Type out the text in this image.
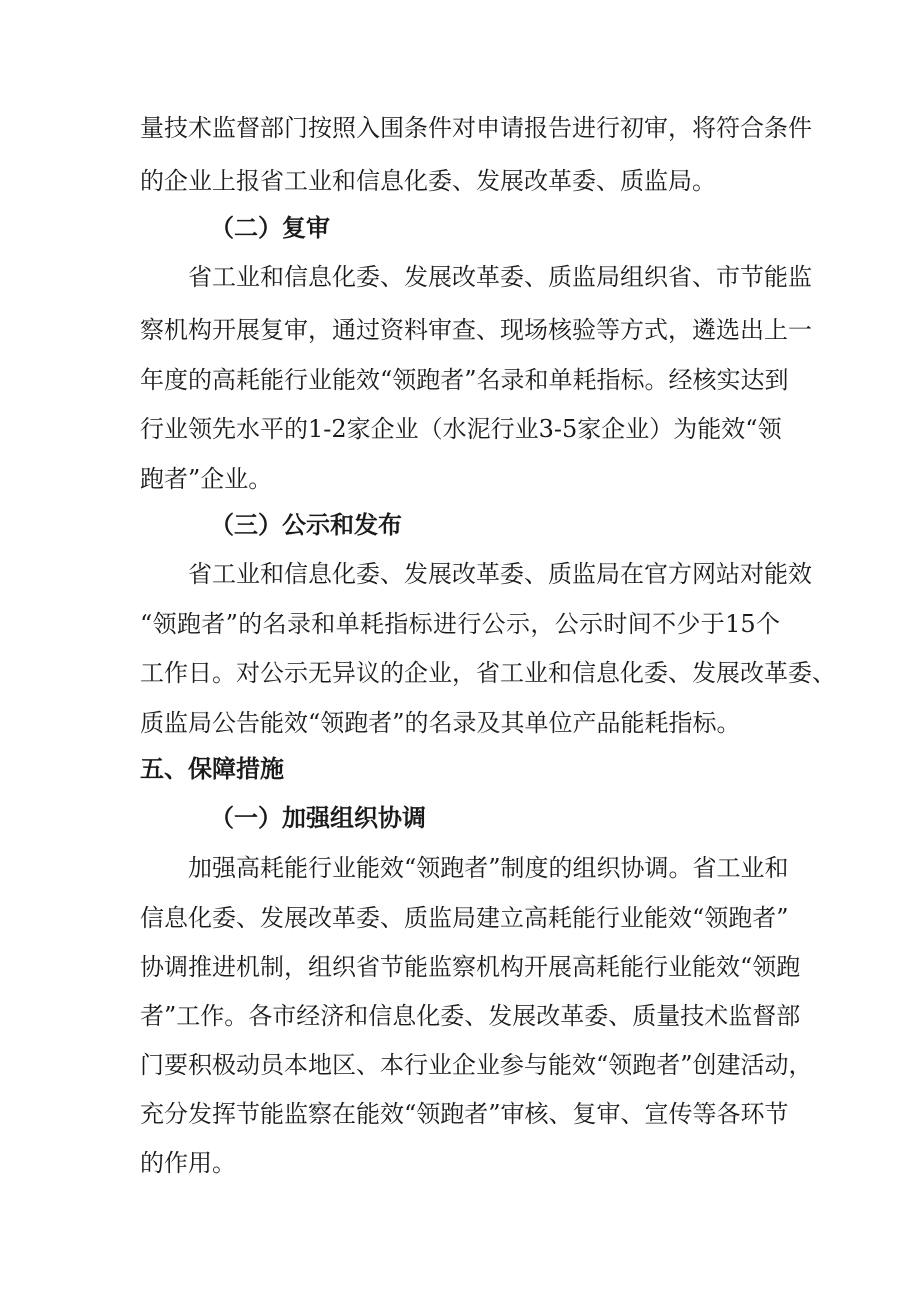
量技术监督部门按照入围条件对申请报告进行初审，将符合条件
的企业上报省工业和信息化委、发展改革委、质监局。
（二）复审
省工业和信息化委、发展改革委、质监局组织省、市节能监
察机构开展复审，通过资料审查、现场核验等方式，遴选出上一
年度的高耗能行业能效“领跑者”名录和单耗指标。经核实达到
行业领先水平的1-2家企业（水泥行业3-5家企业）为能效“领
跑者”企业。
（三）公示和发布
省工业和信息化委、发展改革委、质监局在官方网站对能效
“领跑者”的名录和单耗指标进行公示，公示时间不少于15个
工作日。对公示无异议的企业，省工业和信息化委、发展改革委、
质监局公告能效“领跑者”的名录及其单位产品能耗指标。
五、保障措施
（一）加强组织协调
加强高耗能行业能效“领跑者”制度的组织协调。省工业和
信息化委、发展改革委、质监局建立高耗能行业能效“领跑者”
协调推进机制，组织省节能监察机构开展高耗能行业能效“领跑
者”工作。各市经济和信息化委、发展改革委、质量技术监督部
门要积极动员本地区、本行业企业参与能效“领跑者”创建活动，
充分发挥节能监察在能效“领跑者”审核、复审、宣传等各环节
的作用。
